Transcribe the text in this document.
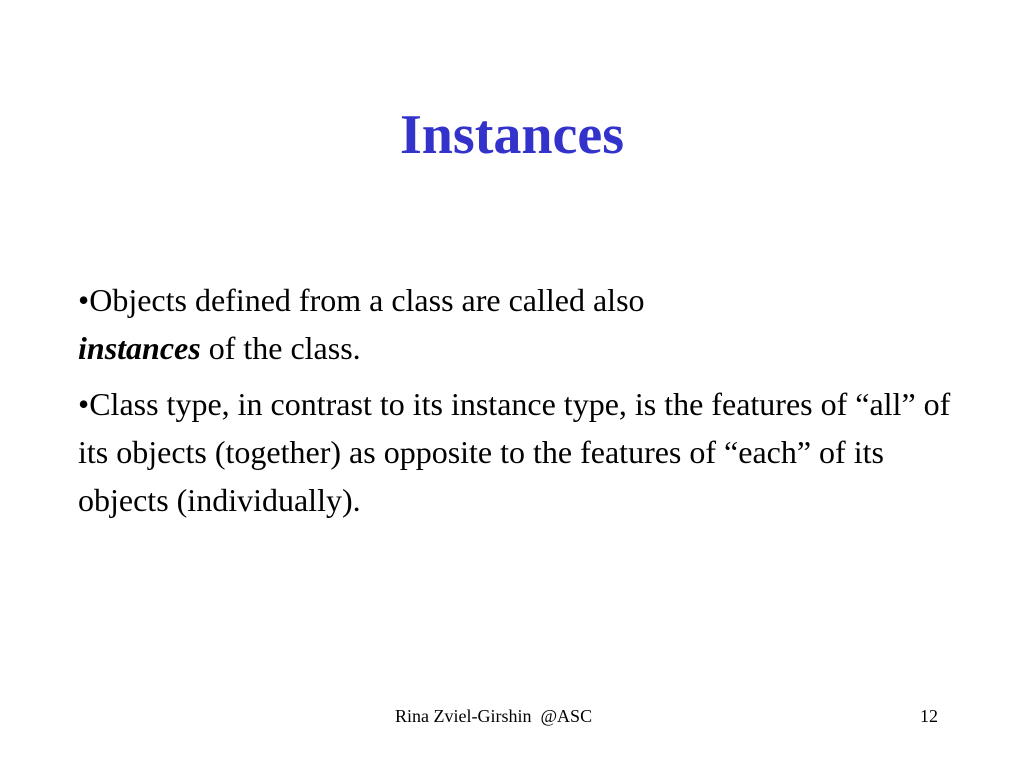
Instances
•Objects defined from a class are called also
instances of the class.
•Class type, in contrast to its instance type, is the features of “all” of its objects (together) as opposite to the features of “each” of its objects (individually).
Rina Zviel-Girshin  @ASC	12
